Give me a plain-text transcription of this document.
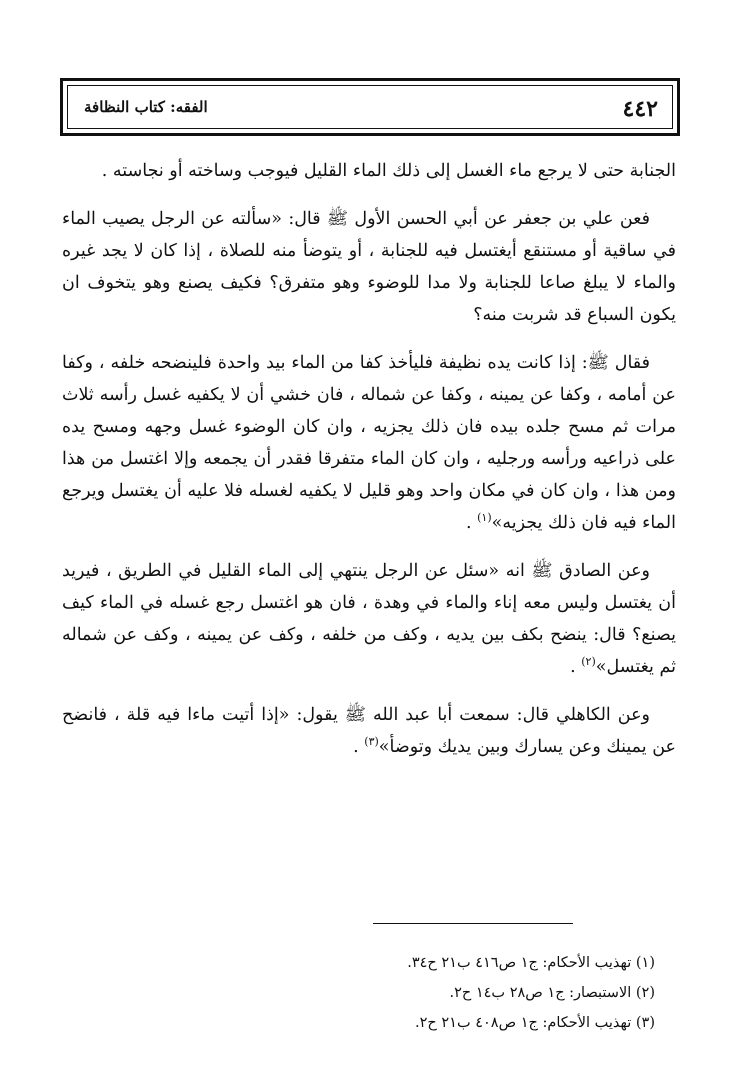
٤٤٢
الفقه: كتاب النظافة

الجنابة حتى لا يرجع ماء الغسل إلى ذلك الماء القليل فيوجب وساخته أو نجاسته .

فعن علي بن جعفر عن أبي الحسن الأول ﷺ قال: «سألته عن الرجل يصيب الماء في ساقية أو مستنقع أيغتسل فيه للجنابة ، أو يتوضأ منه للصلاة ، إذا كان لا يجد غيره والماء لا يبلغ صاعا للجنابة ولا مدا للوضوء وهو متفرق؟ فكيف يصنع وهو يتخوف ان يكون السباع قد شربت منه؟

فقال ﷺ: إذا كانت يده نظيفة فليأخذ كفا من الماء بيد واحدة فلينضحه خلفه ، وكفا عن أمامه ، وكفا عن يمينه ، وكفا عن شماله ، فان خشي أن لا يكفيه غسل رأسه ثلاث مرات ثم مسح جلده بيده فان ذلك يجزيه ، وان كان الوضوء غسل وجهه ومسح يده على ذراعيه ورأسه ورجليه ، وان كان الماء متفرقا فقدر أن يجمعه وإلا اغتسل من هذا ومن هذا ، وان كان في مكان واحد وهو قليل لا يكفيه لغسله فلا عليه أن يغتسل ويرجع الماء فيه فان ذلك يجزيه»$^{(١)}$ .

وعن الصادق ﷺ انه «سئل عن الرجل ينتهي إلى الماء القليل في الطريق ، فيريد أن يغتسل وليس معه إناء والماء في وهدة ، فان هو اغتسل رجع غسله في الماء كيف يصنع؟ قال: ينضح بكف بين يديه ، وكف من خلفه ، وكف عن يمينه ، وكف عن شماله ثم يغتسل»$^{(٢)}$ .

وعن الكاهلي قال: سمعت أبا عبد الله ﷺ يقول: «إذا أتيت ماءا فيه قلة ، فانضح عن يمينك وعن يسارك وبين يديك وتوضأ»$^{(٣)}$ .

(١) تهذيب الأحكام: ج١ ص٤١٦ ب٢١ ح٣٤.

(٢) الاستبصار: ج١ ص٢٨ ب١٤ ح٢.

(٣) تهذيب الأحكام: ج١ ص٤٠٨ ب٢١ ح٢.
